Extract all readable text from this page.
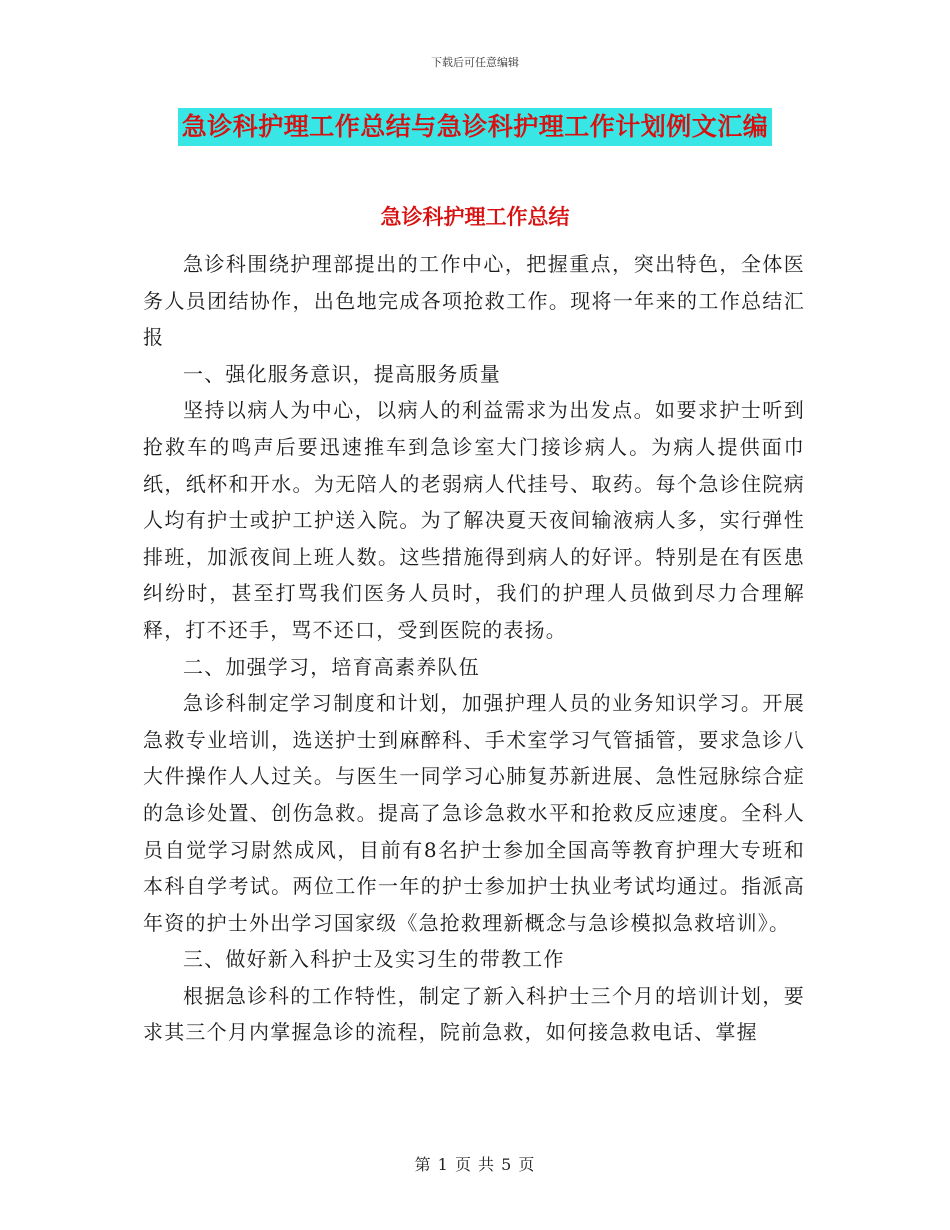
下载后可任意编辑
急诊科护理工作总结与急诊科护理工作计划例文汇编
急诊科护理工作总结

急诊科围绕护理部提出的工作中心，把握重点，突出特色，全体医务人员团结协作，出色地完成各项抢救工作。现将一年来的工作总结汇报

一、强化服务意识，提高服务质量

坚持以病人为中心，以病人的利益需求为出发点。如要求护士听到抢救车的鸣声后要迅速推车到急诊室大门接诊病人。为病人提供面巾纸，纸杯和开水。为无陪人的老弱病人代挂号、取药。每个急诊住院病人均有护士或护工护送入院。为了解决夏天夜间输液病人多，实行弹性排班，加派夜间上班人数。这些措施得到病人的好评。特别是在有医患纠纷时，甚至打骂我们医务人员时，我们的护理人员做到尽力合理解释，打不还手，骂不还口，受到医院的表扬。

二、加强学习，培育高素养队伍

急诊科制定学习制度和计划，加强护理人员的业务知识学习。开展急救专业培训，选送护士到麻醉科、手术室学习气管插管，要求急诊八大件操作人人过关。与医生一同学习心肺复苏新进展、急性冠脉综合症的急诊处置、创伤急救。提高了急诊急救水平和抢救反应速度。全科人员自觉学习尉然成风，目前有8名护士参加全国高等教育护理大专班和本科自学考试。两位工作一年的护士参加护士执业考试均通过。指派高年资的护士外出学习国家级《急抢救理新概念与急诊模拟急救培训》。

三、做好新入科护士及实习生的带教工作

根据急诊科的工作特性，制定了新入科护士三个月的培训计划，要求其三个月内掌握急诊的流程，院前急救，如何接急救电话、掌握

第 1 页 共 5 页
